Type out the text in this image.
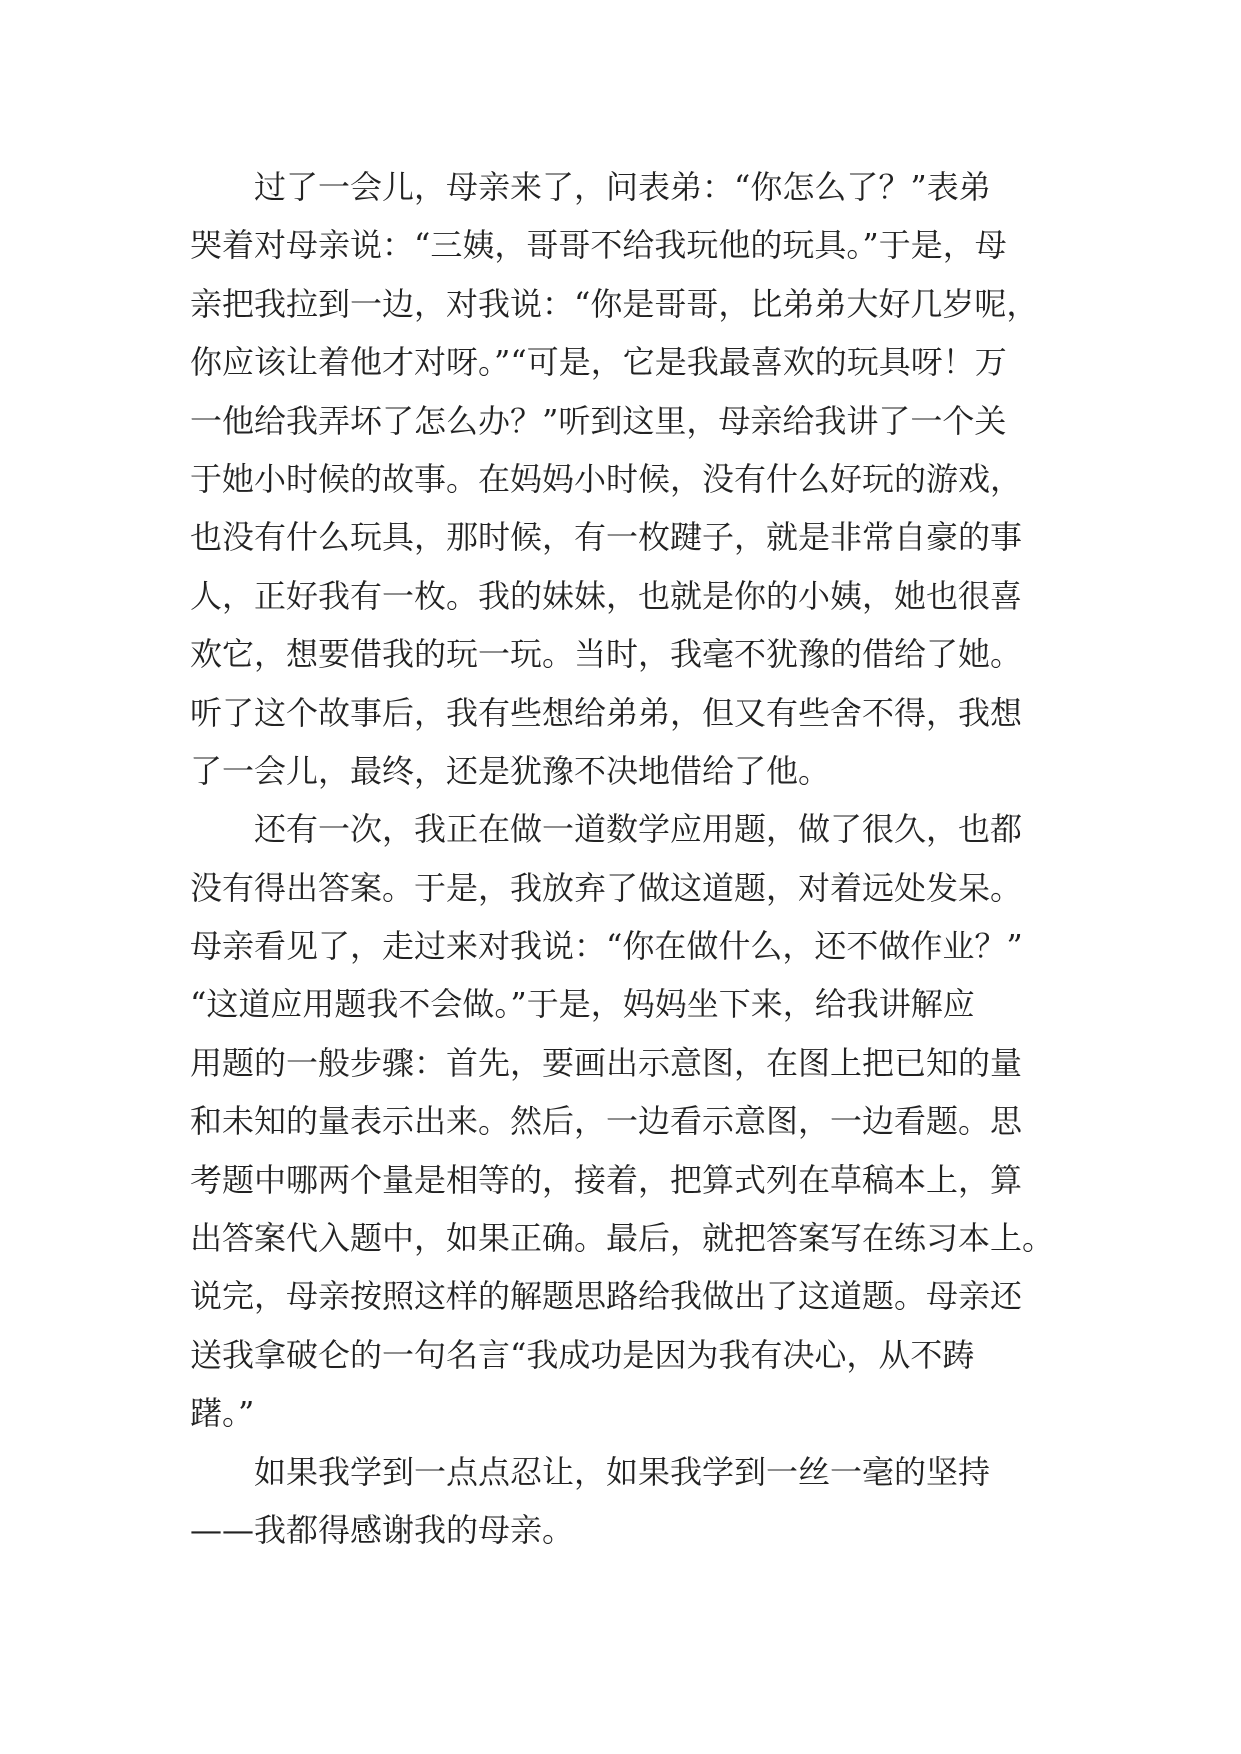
过了一会儿，母亲来了，问表弟：“你怎么了？”表弟
哭着对母亲说：“三姨，哥哥不给我玩他的玩具。”于是，母
亲把我拉到一边，对我说：“你是哥哥，比弟弟大好几岁呢，
你应该让着他才对呀。”“可是，它是我最喜欢的玩具呀！万
一他给我弄坏了怎么办？”听到这里，母亲给我讲了一个关
于她小时候的故事。在妈妈小时候，没有什么好玩的游戏，
也没有什么玩具，那时候，有一枚踺子，就是非常自豪的事
人，正好我有一枚。我的妹妹，也就是你的小姨，她也很喜
欢它，想要借我的玩一玩。当时，我毫不犹豫的借给了她。
听了这个故事后，我有些想给弟弟，但又有些舍不得，我想
了一会儿，最终，还是犹豫不决地借给了他。
还有一次，我正在做一道数学应用题，做了很久，也都
没有得出答案。于是，我放弃了做这道题，对着远处发呆。
母亲看见了，走过来对我说：“你在做什么，还不做作业？”
“这道应用题我不会做。”于是，妈妈坐下来，给我讲解应
用题的一般步骤：首先，要画出示意图，在图上把已知的量
和未知的量表示出来。然后，一边看示意图，一边看题。思
考题中哪两个量是相等的，接着，把算式列在草稿本上，算
出答案代入题中，如果正确。最后，就把答案写在练习本上。
说完，母亲按照这样的解题思路给我做出了这道题。母亲还
送我拿破仑的一句名言“我成功是因为我有决心，从不踌
躇。”
如果我学到一点点忍让，如果我学到一丝一毫的坚持
——我都得感谢我的母亲。
